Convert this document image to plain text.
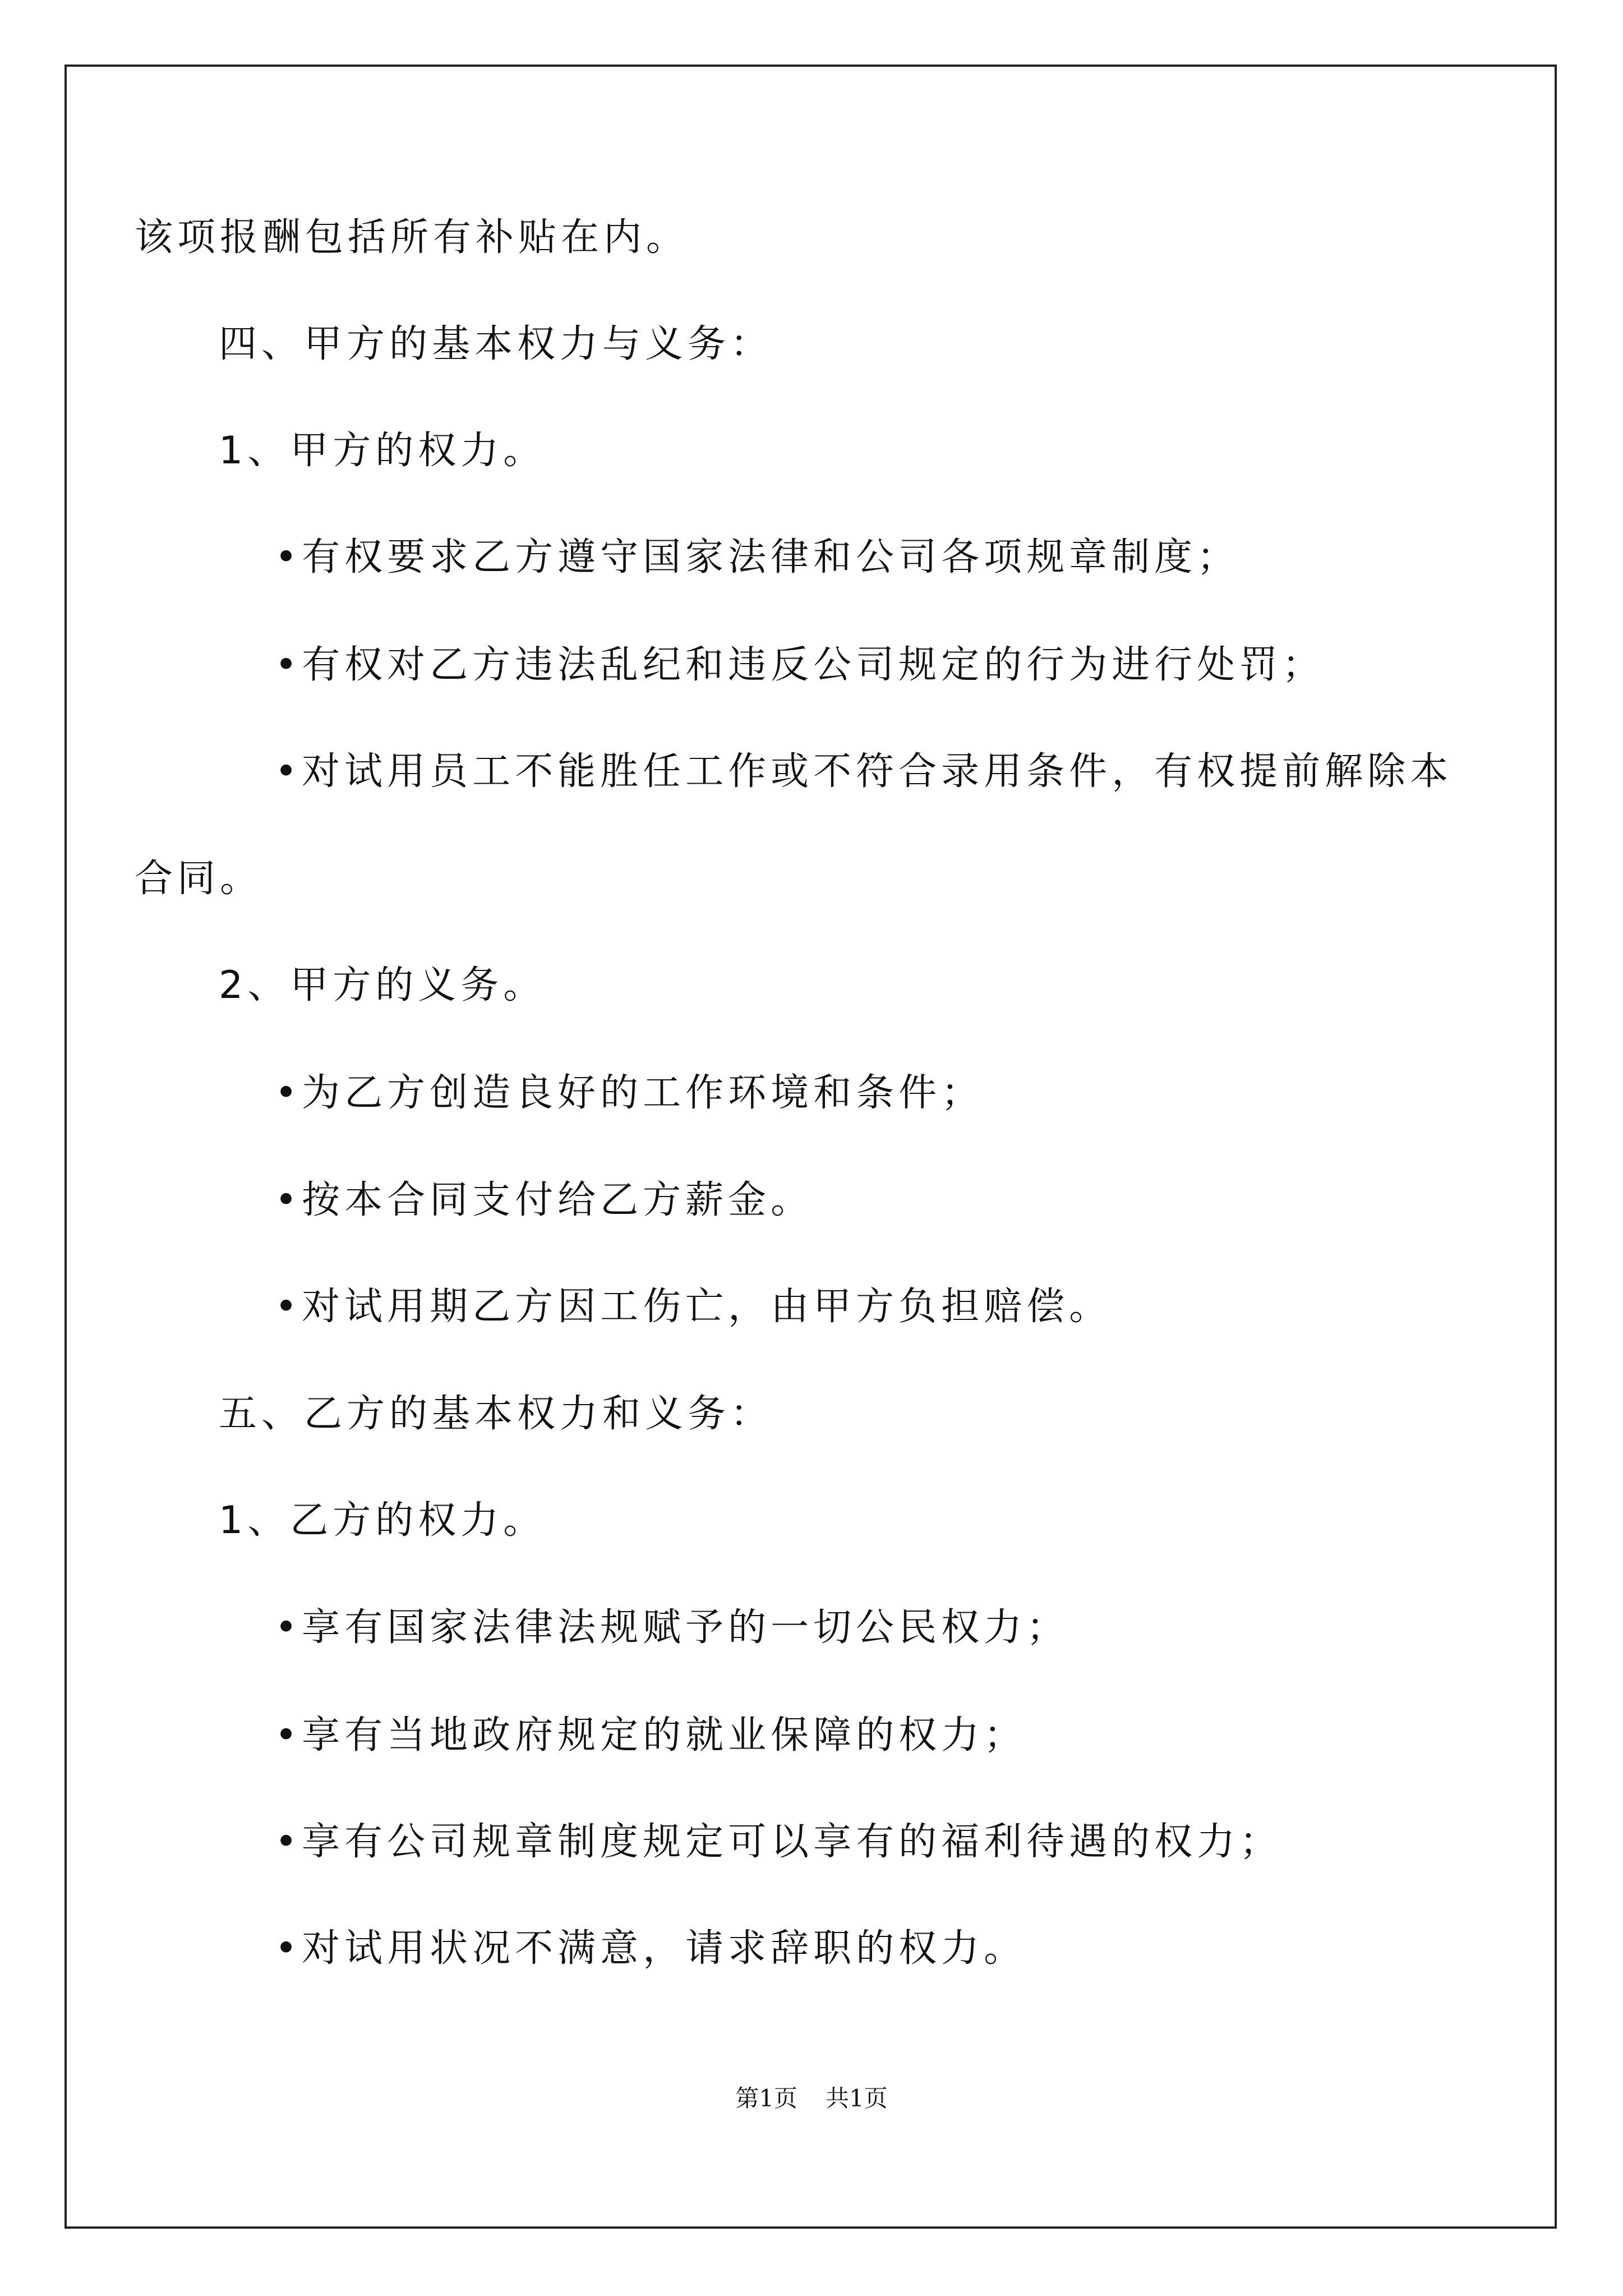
该项报酬包括所有补贴在内。
四、甲方的基本权力与义务：
1、甲方的权力。
•有权要求乙方遵守国家法律和公司各项规章制度；
•有权对乙方违法乱纪和违反公司规定的行为进行处罚；
•对试用员工不能胜任工作或不符合录用条件，有权提前解除本
合同。
2、甲方的义务。
•为乙方创造良好的工作环境和条件；
•按本合同支付给乙方薪金。
•对试用期乙方因工伤亡，由甲方负担赔偿。
五、乙方的基本权力和义务：
1、乙方的权力。
•享有国家法律法规赋予的一切公民权力；
•享有当地政府规定的就业保障的权力；
•享有公司规章制度规定可以享有的福利待遇的权力；
•对试用状况不满意，请求辞职的权力。
第1页 共1页
